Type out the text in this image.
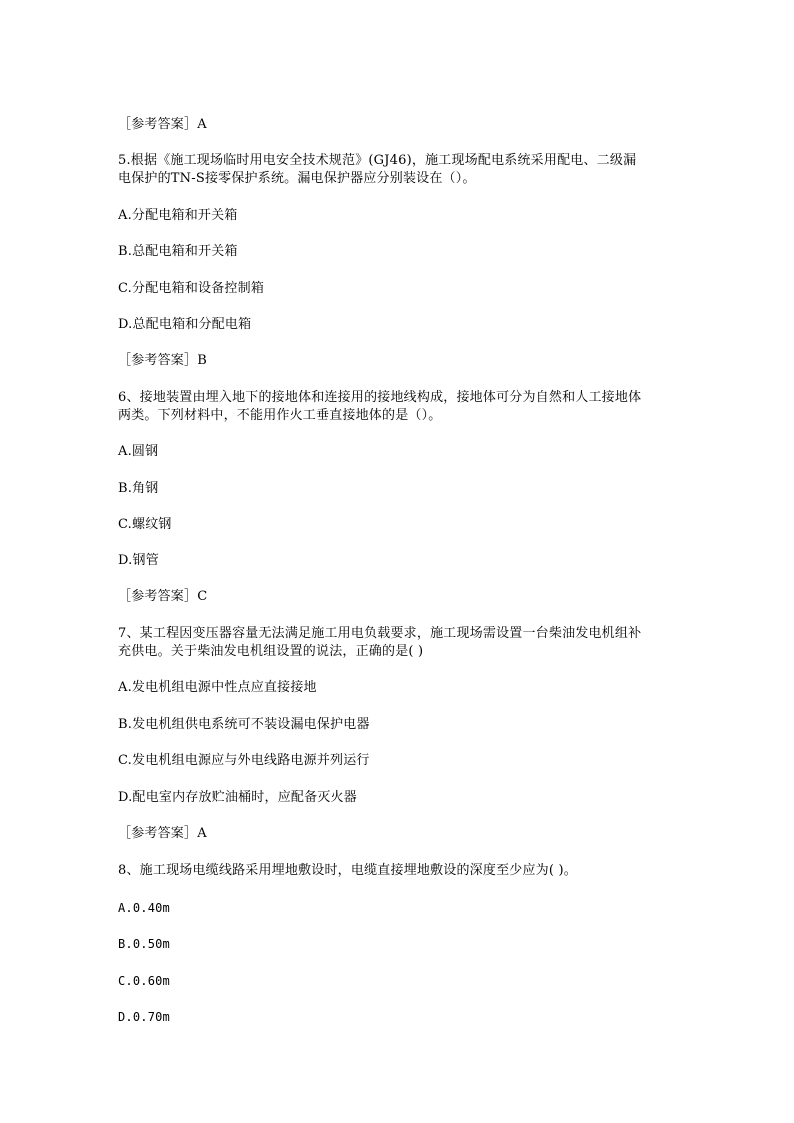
［参考答案］A
5.根据《施工现场临时用电安全技术规范》(GJ46)，施工现场配电系统采用配电、二级漏
电保护的TN-S接零保护系统。漏电保护器应分别装设在（）。
A.分配电箱和开关箱
B.总配电箱和开关箱
C.分配电箱和设备控制箱
D.总配电箱和分配电箱
［参考答案］B
6、接地装置由埋入地下的接地体和连接用的接地线构成，接地体可分为自然和人工接地体
两类。下列材料中，不能用作火工垂直接地体的是（）。
A.圆钢
B.角钢
C.螺纹钢
D.钢管
［参考答案］C
7、某工程因变压器容量无法满足施工用电负载要求，施工现场需设置一台柴油发电机组补
充供电。关于柴油发电机组设置的说法，正确的是( )
A.发电机组电源中性点应直接接地
B.发电机组供电系统可不装设漏电保护电器
C.发电机组电源应与外电线路电源并列运行
D.配电室内存放贮油桶时，应配备灭火器
［参考答案］A
8、施工现场电缆线路采用埋地敷设时，电缆直接埋地敷设的深度至少应为( )。
A.0.40m
B.0.50m
C.0.60m
D.0.70m
